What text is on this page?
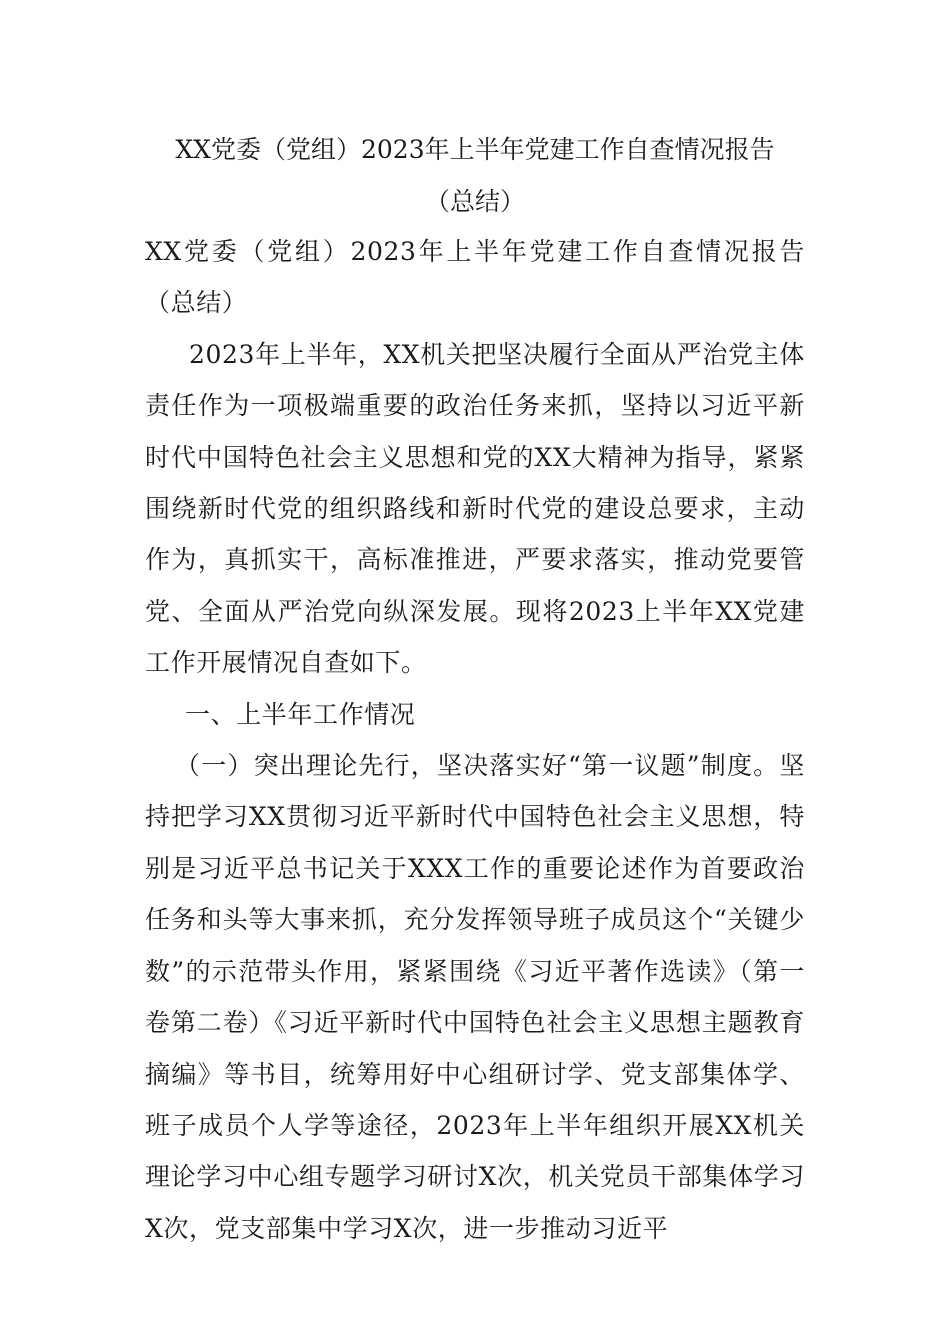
XX党委（党组）2023年上半年党建工作自查情况报告
（总结）

XX党委（党组）2023年上半年党建工作自查情况报告（总结）

2023年上半年，XX机关把坚决履行全面从严治党主体责任作为一项极端重要的政治任务来抓，坚持以习近平新时代中国特色社会主义思想和党的XX大精神为指导，紧紧围绕新时代党的组织路线和新时代党的建设总要求，主动作为，真抓实干，高标准推进，严要求落实，推动党要管党、全面从严治党向纵深发展。现将2023上半年XX党建工作开展情况自查如下。

一、上半年工作情况

（一）突出理论先行，坚决落实好“第一议题”制度。坚持把学习XX贯彻习近平新时代中国特色社会主义思想，特别是习近平总书记关于XXX工作的重要论述作为首要政治任务和头等大事来抓，充分发挥领导班子成员这个“关键少数”的示范带头作用，紧紧围绕《习近平著作选读》（第一卷第二卷）《习近平新时代中国特色社会主义思想主题教育摘编》等书目，统筹用好中心组研讨学、党支部集体学、班子成员个人学等途径，2023年上半年组织开展XX机关理论学习中心组专题学习研讨X次，机关党员干部集体学习X次，党支部集中学习X次，进一步推动习近平
